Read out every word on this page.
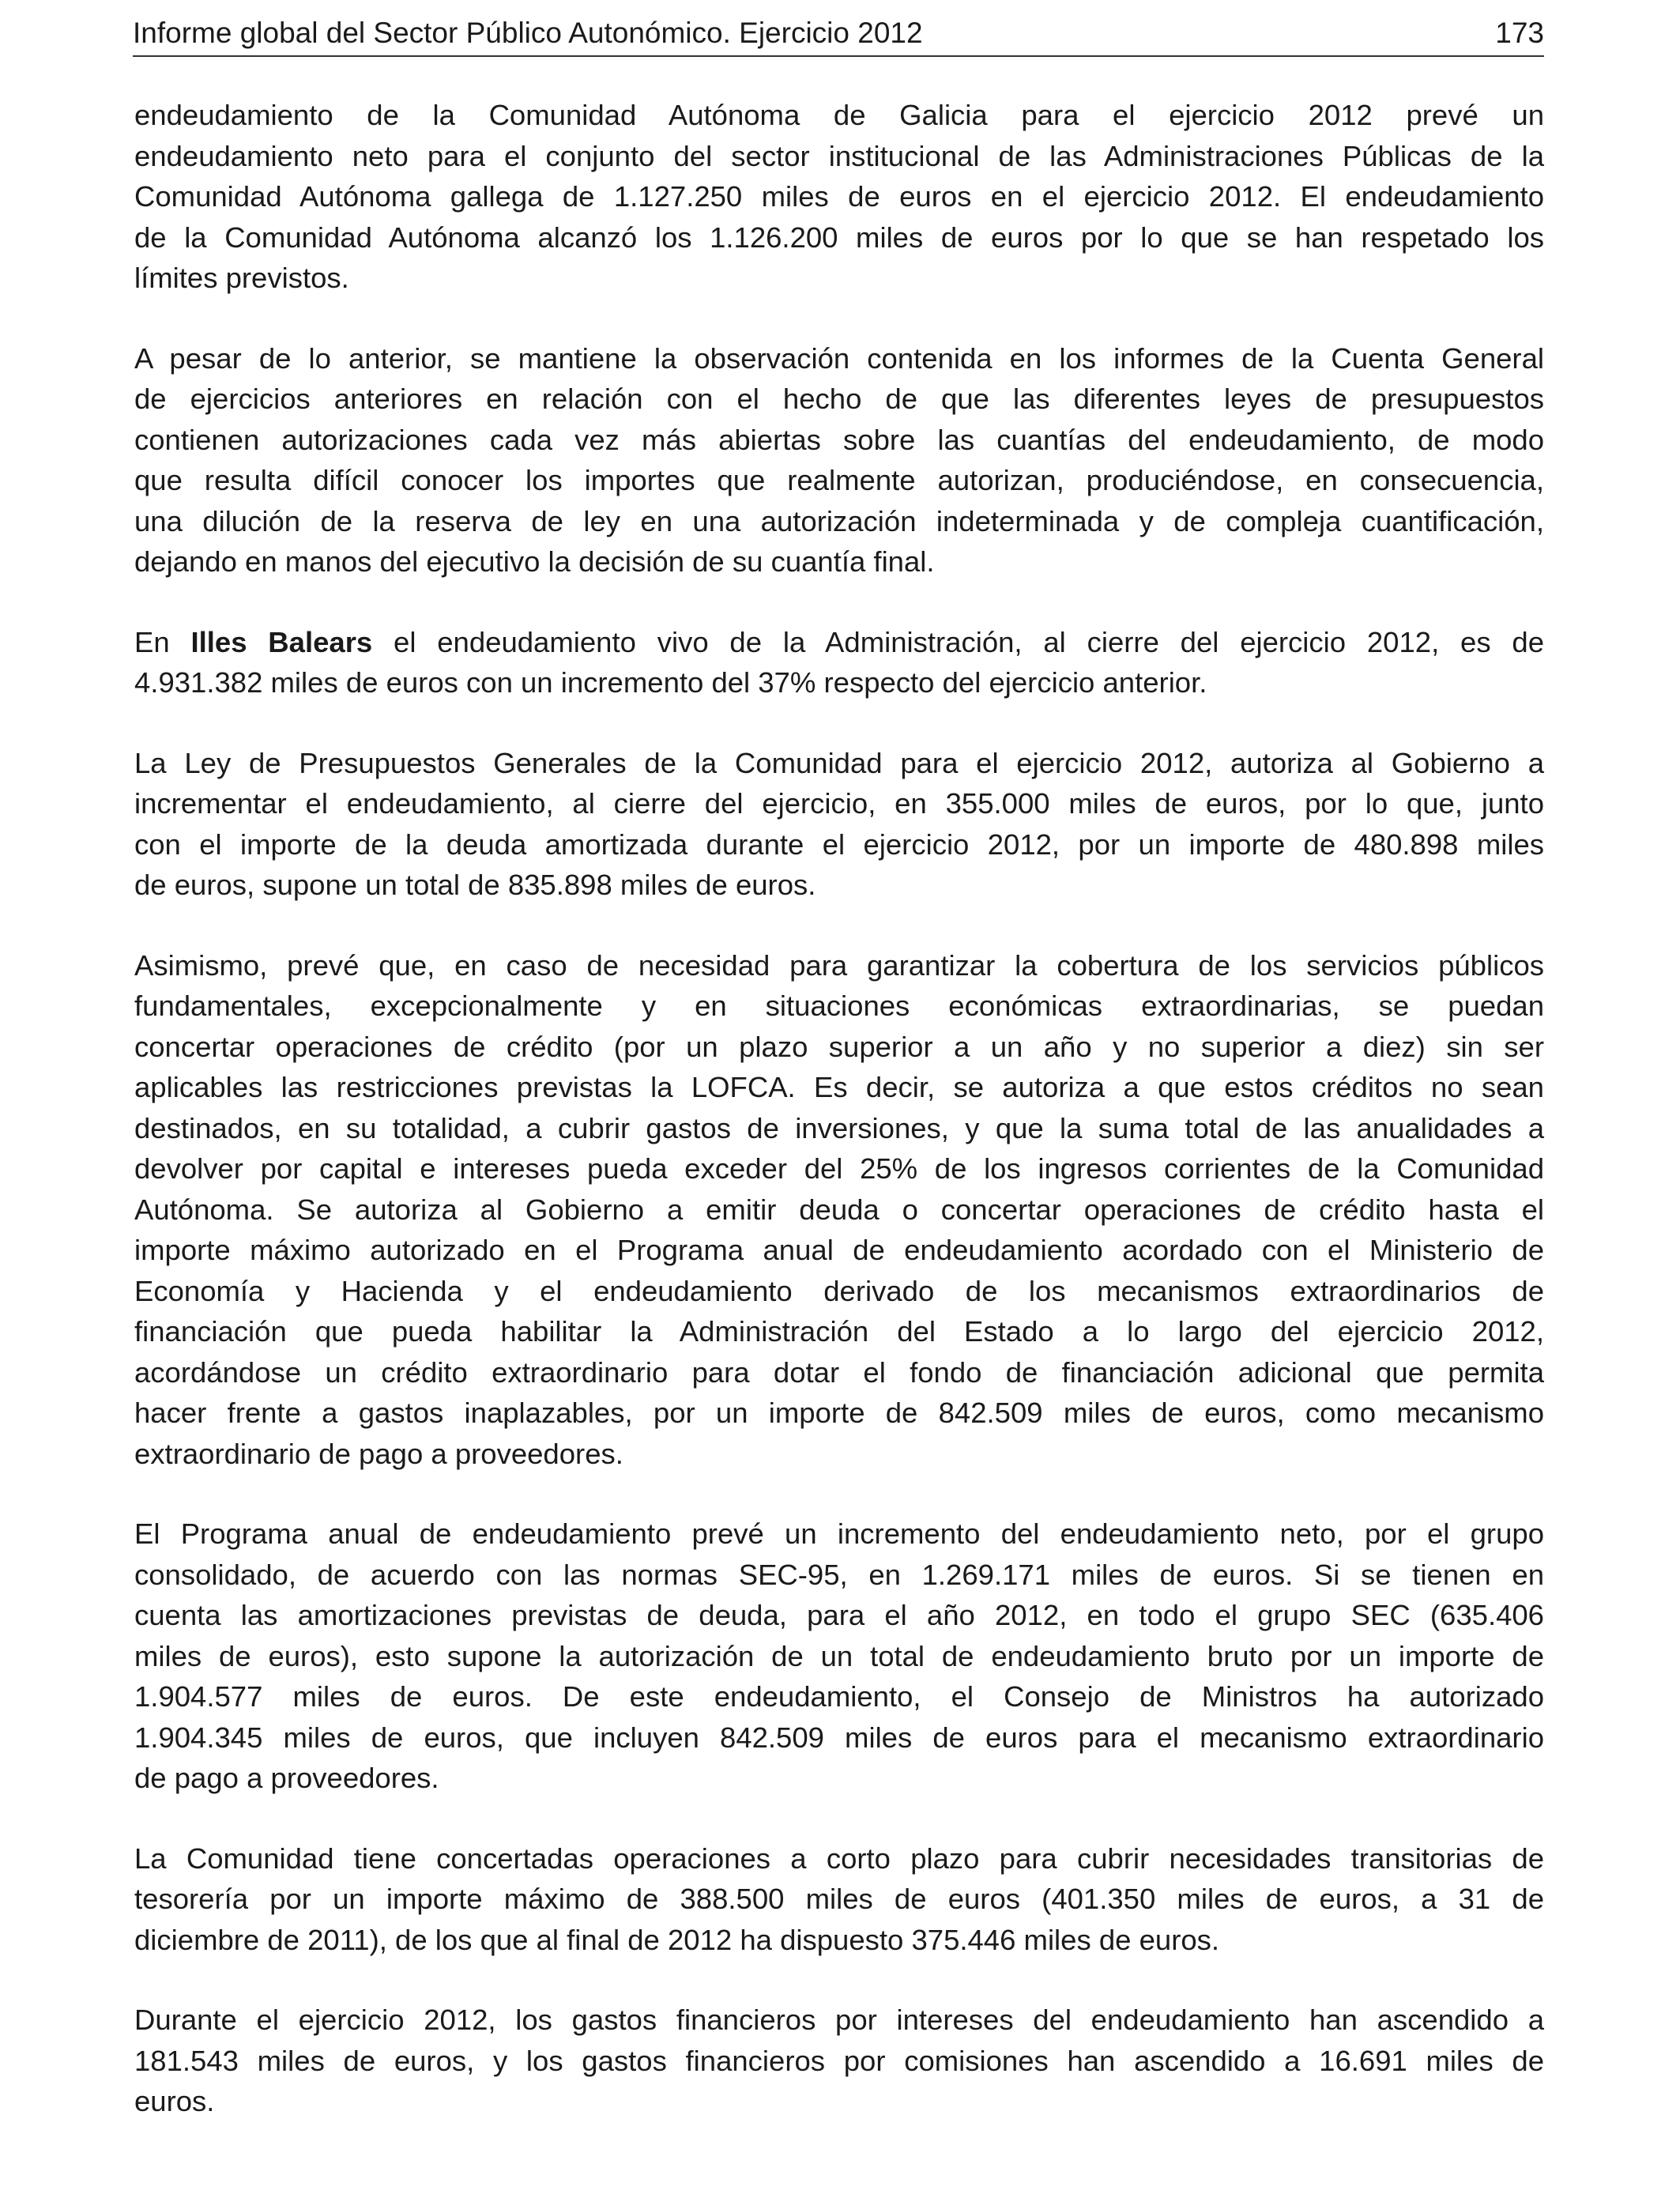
Informe global del Sector Público Autonómico. Ejercicio 2012	173
endeudamiento de la Comunidad Autónoma de Galicia para el ejercicio 2012 prevé un
endeudamiento neto para el conjunto del sector institucional de las Administraciones Públicas de la
Comunidad Autónoma gallega de 1.127.250 miles de euros en el ejercicio 2012. El endeudamiento
de la Comunidad Autónoma alcanzó los 1.126.200 miles de euros por lo que se han respetado los
límites previstos.
A pesar de lo anterior, se mantiene la observación contenida en los informes de la Cuenta General
de ejercicios anteriores en relación con el hecho de que las diferentes leyes de presupuestos
contienen autorizaciones cada vez más abiertas sobre las cuantías del endeudamiento, de modo
que resulta difícil conocer los importes que realmente autorizan, produciéndose, en consecuencia,
una dilución de la reserva de ley en una autorización indeterminada y de compleja cuantificación,
dejando en manos del ejecutivo la decisión de su cuantía final.
En Illes Balears el endeudamiento vivo de la Administración, al cierre del ejercicio 2012, es de
4.931.382 miles de euros con un incremento del 37% respecto del ejercicio anterior.
La Ley de Presupuestos Generales de la Comunidad para el ejercicio 2012, autoriza al Gobierno a
incrementar el endeudamiento, al cierre del ejercicio, en 355.000 miles de euros, por lo que, junto
con el importe de la deuda amortizada durante el ejercicio 2012, por un importe de 480.898 miles
de euros, supone un total de 835.898 miles de euros.
Asimismo, prevé que, en caso de necesidad para garantizar la cobertura de los servicios públicos
fundamentales, excepcionalmente y en situaciones económicas extraordinarias, se puedan
concertar operaciones de crédito (por un plazo superior a un año y no superior a diez) sin ser
aplicables las restricciones previstas la LOFCA. Es decir, se autoriza a que estos créditos no sean
destinados, en su totalidad, a cubrir gastos de inversiones, y que la suma total de las anualidades a
devolver por capital e intereses pueda exceder del 25% de los ingresos corrientes de la Comunidad
Autónoma. Se autoriza al Gobierno a emitir deuda o concertar operaciones de crédito hasta el
importe máximo autorizado en el Programa anual de endeudamiento acordado con el Ministerio de
Economía y Hacienda y el endeudamiento derivado de los mecanismos extraordinarios de
financiación que pueda habilitar la Administración del Estado a lo largo del ejercicio 2012,
acordándose un crédito extraordinario para dotar el fondo de financiación adicional que permita
hacer frente a gastos inaplazables, por un importe de 842.509 miles de euros, como mecanismo
extraordinario de pago a proveedores.
El Programa anual de endeudamiento prevé un incremento del endeudamiento neto, por el grupo
consolidado, de acuerdo con las normas SEC-95, en 1.269.171 miles de euros. Si se tienen en
cuenta las amortizaciones previstas de deuda, para el año 2012, en todo el grupo SEC (635.406
miles de euros), esto supone la autorización de un total de endeudamiento bruto por un importe de
1.904.577 miles de euros. De este endeudamiento, el Consejo de Ministros ha autorizado
1.904.345 miles de euros, que incluyen 842.509 miles de euros para el mecanismo extraordinario
de pago a proveedores.
La Comunidad tiene concertadas operaciones a corto plazo para cubrir necesidades transitorias de
tesorería por un importe máximo de 388.500 miles de euros (401.350 miles de euros, a 31 de
diciembre de 2011), de los que al final de 2012 ha dispuesto 375.446 miles de euros.
Durante el ejercicio 2012, los gastos financieros por intereses del endeudamiento han ascendido a
181.543 miles de euros, y los gastos financieros por comisiones han ascendido a 16.691 miles de
euros.
